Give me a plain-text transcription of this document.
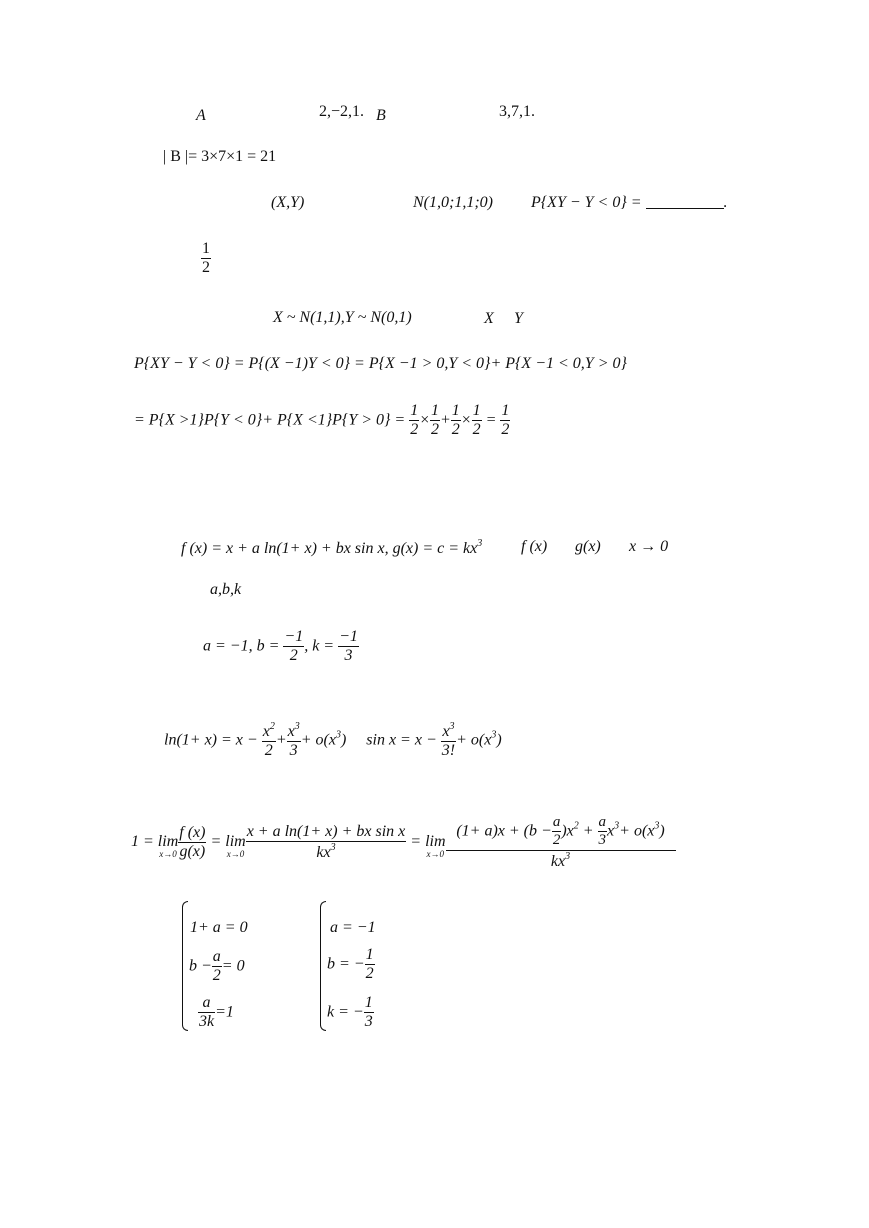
A	2,−2,1. B	3,7,1.
| B |= 3×7×1 = 21
(X,Y)	N(1,0;1,1;0) P{XY − Y < 0} =	.
$\frac{1}{2}$
X ~ N(1,1),Y ~ N(0,1)	X Y
P{XY − Y < 0} = P{(X −1)Y < 0} = P{X −1 > 0,Y < 0}+ P{X −1 < 0,Y > 0}
= $P\{X >1\}P\{Y < 0\}+ P\{X <1\}P\{Y > 0\} = \frac{1}{2} \times \frac{1}{2} + \frac{1}{2} \times \frac{1}{2} = \frac{1}{2}$
f (x) = x + a ln(1+ x) + bx sin x, $g(x) = c = kx^3$ f (x) g(x) x → 0
a,b,k
a = −1, $b = \frac{-1}{2}$ , $k = \frac{-1}{3}$
$\ln(1+ x) = x - \frac{x^2}{2} + \frac{x^3}{3} + o(x^3)$ $\sin x = x - \frac{x^3}{3!} + o(x^3)$
1 = lim
$x\to 0 \frac{f (x)}{g(x)} = \lim$
$x\to 0 \frac{\text{x + a ln(1+ x) + bx sin x}}{kx^3} = \lim$
$x\to 0 \frac{(1+ a)x + (b - \frac{a}{2} )x^2 + \frac{a}{3} x^3+ o(x^3)}{kx^3}$
1+ a = 0
$b - \frac{a}{2} = 0$
$\frac{a}{3k} =1$
a = −1
b = − $\frac{1}{2}$
k = − $\frac{1}{3}$
